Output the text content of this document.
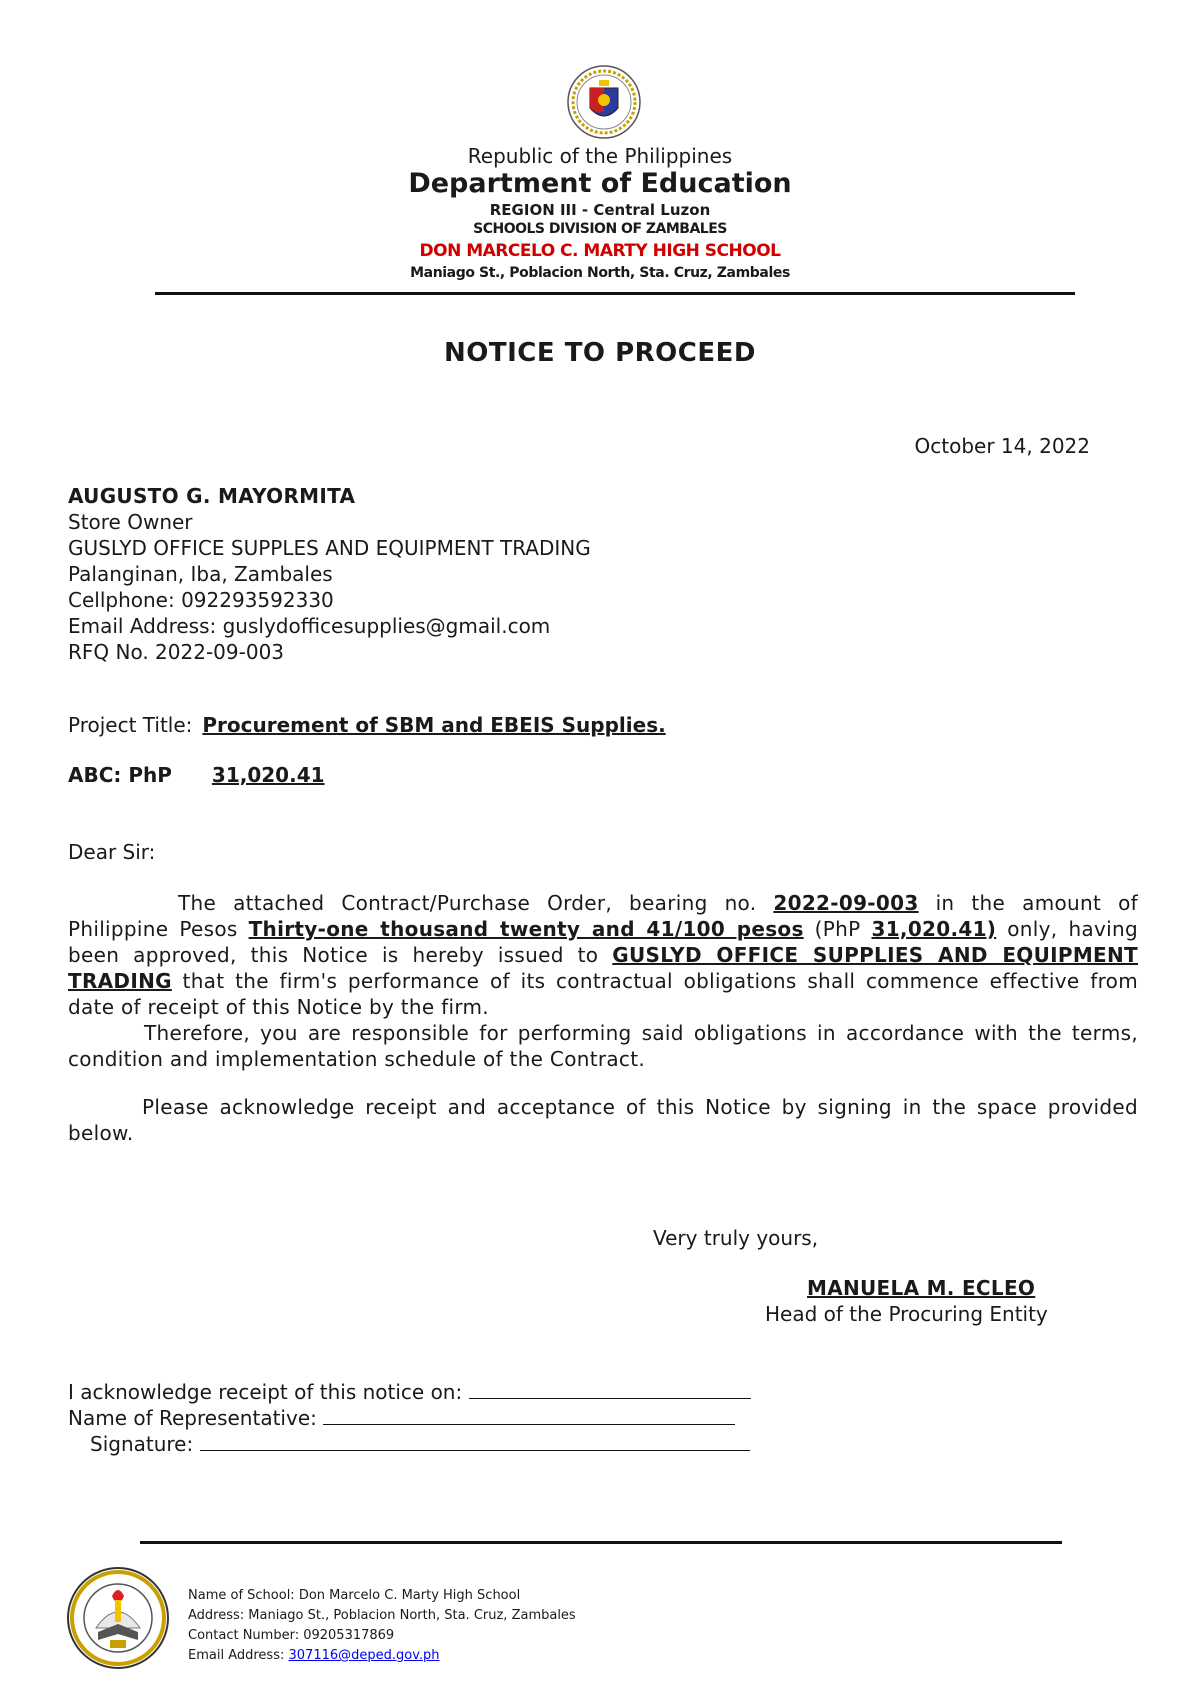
Republic of the Philippines
Department of Education
REGION III - Central Luzon
SCHOOLS DIVISION OF ZAMBALES
DON MARCELO C. MARTY HIGH SCHOOL
Maniago St., Poblacion North, Sta. Cruz, Zambales
NOTICE TO PROCEED
October 14, 2022
AUGUSTO G. MAYORMITA
Store Owner
GUSLYD OFFICE SUPPLES AND EQUIPMENT TRADING
Palanginan, Iba, Zambales
Cellphone: 092293592330
Email Address: guslydofficesupplies@gmail.com
RFQ No. 2022-09-003
Project Title: Procurement of SBM and EBEIS Supplies.
ABC: PhP 31,020.41
Dear Sir:
The attached Contract/Purchase Order, bearing no. 2022-09-003 in the amount of Philippine Pesos Thirty-one thousand twenty and 41/100 pesos (PhP 31,020.41) only, having been approved, this Notice is hereby issued to GUSLYD OFFICE SUPPLIES AND EQUIPMENT TRADING that the firm's performance of its contractual obligations shall commence effective from date of receipt of this Notice by the firm.
Therefore, you are responsible for performing said obligations in accordance with the terms, condition and implementation schedule of the Contract.
Please acknowledge receipt and acceptance of this Notice by signing in the space provided below.
Very truly yours,
MANUELA M. ECLEO
Head of the Procuring Entity
I acknowledge receipt of this notice on:
Name of Representative:
Signature:
Name of School: Don Marcelo C. Marty High School
Address: Maniago St., Poblacion North, Sta. Cruz, Zambales
Contact Number: 09205317869
Email Address: 307116@deped.gov.ph
